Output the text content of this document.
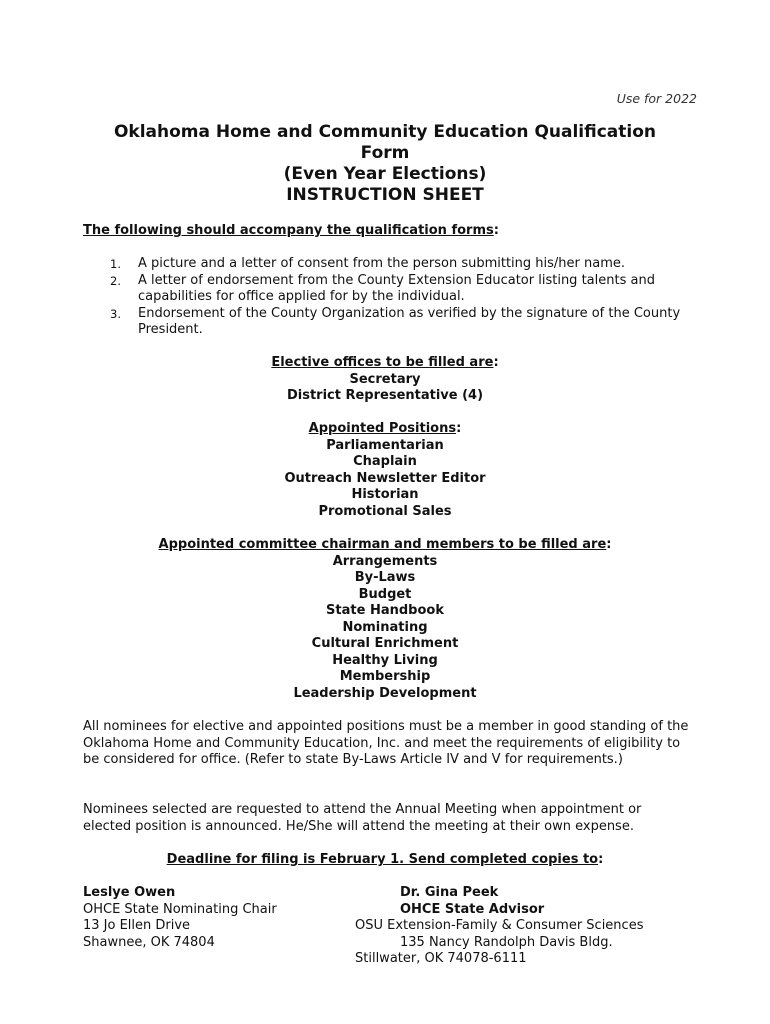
Use for 2022
Oklahoma Home and Community Education Qualification
Form
(Even Year Elections)
INSTRUCTION SHEET
The following should accompany the qualification forms:
1. A picture and a letter of consent from the person submitting his/her name.
2. A letter of endorsement from the County Extension Educator listing talents and capabilities for office applied for by the individual.
3. Endorsement of the County Organization as verified by the signature of the County President.
Elective offices to be filled are:
Secretary
District Representative (4)
Appointed Positions:
Parliamentarian
Chaplain
Outreach Newsletter Editor
Historian
Promotional Sales
Appointed committee chairman and members to be filled are:
Arrangements
By-Laws
Budget
State Handbook
Nominating
Cultural Enrichment
Healthy Living
Membership
Leadership Development
All nominees for elective and appointed positions must be a member in good standing of the Oklahoma Home and Community Education, Inc. and meet the requirements of eligibility to be considered for office. (Refer to state By-Laws Article IV and V for requirements.)
Nominees selected are requested to attend the Annual Meeting when appointment or elected position is announced. He/She will attend the meeting at their own expense.
Deadline for filing is February 1. Send completed copies to:
Leslye Owen
OHCE State Nominating Chair
13 Jo Ellen Drive
Shawnee, OK 74804
Dr. Gina Peek
OHCE State Advisor
OSU Extension-Family & Consumer Sciences
135 Nancy Randolph Davis Bldg.
Stillwater, OK 74078-6111
